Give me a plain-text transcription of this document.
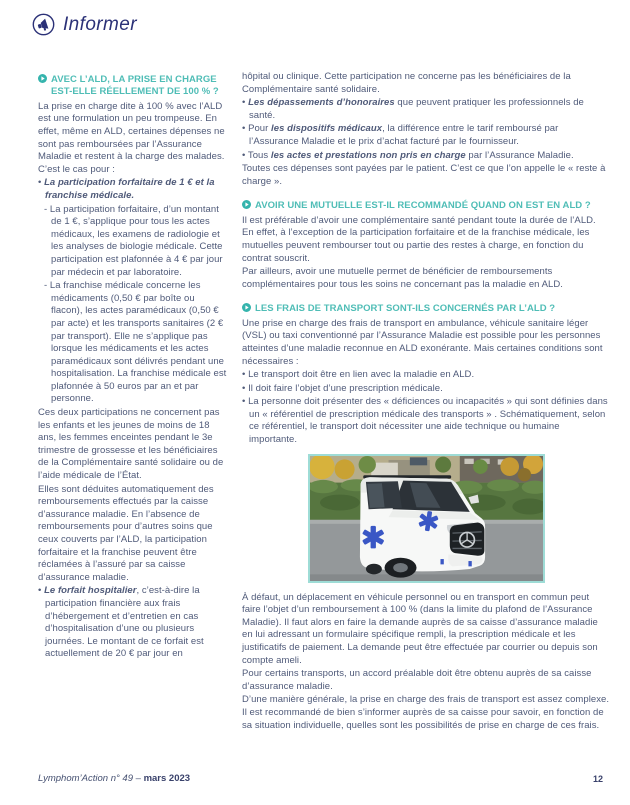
Informer
AVEC L’ALD, LA PRISE EN CHARGE EST-ELLE RÉELLEMENT DE 100 % ?

La prise en charge dite à 100 % avec l’ALD est une formulation un peu trompeuse. En effet, même en ALD, certaines dépenses ne sont pas remboursées par l’Assurance Maladie et restent à la charge des malades. C’est le cas pour :

• La participation forfaitaire de 1 € et la franchise médicale.

- La participation forfaitaire, d’un montant de 1 €, s’applique pour tous les actes médicaux, les examens de radiologie et les analyses de biologie médicale. Cette participation est plafonnée à 4 € par jour par médecin et par laboratoire.

- La franchise médicale concerne les médicaments (0,50 € par boîte ou flacon), les actes paramédicaux (0,50 € par acte) et les transports sanitaires (2 € par transport). Elle ne s’applique pas lorsque les médicaments et les actes paramédicaux sont délivrés pendant une hospitalisation. La franchise médicale est plafonnée à 50 euros par an et par personne.

Ces deux participations ne concernent pas les enfants et les jeunes de moins de 18 ans, les femmes enceintes pendant le 3e trimestre de grossesse et les bénéficiaires de la Complémentaire santé solidaire ou de l’aide médicale de l’État.

Elles sont déduites automatiquement des remboursements effectués par la caisse d’assurance maladie. En l’absence de remboursements pour d’autres soins que ceux couverts par l’ALD, la participation forfaitaire et la franchise peuvent être réclamées à l’assuré par sa caisse d’assurance maladie.

• Le forfait hospitalier, c’est-à-dire la participation financière aux frais d’hébergement et d’entretien en cas d’hospitalisation d’une ou plusieurs journées. Le montant de ce forfait est actuellement de 20 € par jour en

hôpital ou clinique. Cette participation ne concerne pas les bénéficiaires de la Complémentaire santé solidaire.

• Les dépassements d’honoraires que peuvent pratiquer les professionnels de santé.

• Pour les dispositifs médicaux, la différence entre le tarif remboursé par l’Assurance Maladie et le prix d’achat facturé par le fournisseur.

• Tous les actes et prestations non pris en charge par l’Assurance Maladie.

Toutes ces dépenses sont payées par le patient. C’est ce que l’on appelle le « reste à charge ».

AVOIR UNE MUTUELLE EST-IL RECOMMANDÉ QUAND ON EST EN ALD ?

Il est préférable d’avoir une complémentaire santé pendant toute la durée de l’ALD. En effet, à l’exception de la participation forfaitaire et de la franchise médicale, les mutuelles peuvent rembourser tout ou partie des restes à charge, en fonction du contrat souscrit.

Par ailleurs, avoir une mutuelle permet de bénéficier de remboursements complémentaires pour tous les soins ne concernant pas la maladie en ALD.

LES FRAIS DE TRANSPORT SONT-ILS CONCERNÉS PAR L’ALD ?

Une prise en charge des frais de transport en ambulance, véhicule sanitaire léger (VSL) ou taxi conventionné par l’Assurance Maladie est possible pour les personnes atteintes d’une maladie reconnue en ALD exonérante. Mais certaines conditions sont nécessaires :

• Le transport doit être en lien avec la maladie en ALD.

• Il doit faire l’objet d’une prescription médicale.

• La personne doit présenter des « déficiences ou incapacités » qui sont définies dans un « référentiel de prescription médicale des transports » . Schématiquement, selon ce référentiel, le transport doit nécessiter une aide technique ou humaine importante.

À défaut, un déplacement en véhicule personnel ou en transport en commun peut faire l’objet d’un remboursement à 100 % (dans la limite du plafond de l’Assurance Maladie). Il faut alors en faire la demande auprès de sa caisse d’assurance maladie en lui adressant un formulaire spécifique rempli, la prescription médicale et les justificatifs de paiement. La demande peut être effectuée par courrier ou depuis son compte ameli.

Pour certains transports, un accord préalable doit être obtenu auprès de sa caisse d’assurance maladie.

D’une manière générale, la prise en charge des frais de transport est assez complexe. Il est recommandé de bien s’informer auprès de sa caisse pour savoir, en fonction de sa situation individuelle, quelles sont les possibilités de prise en charge de ces frais.

Lymphom’Action n° 49 – mars 2023	12
